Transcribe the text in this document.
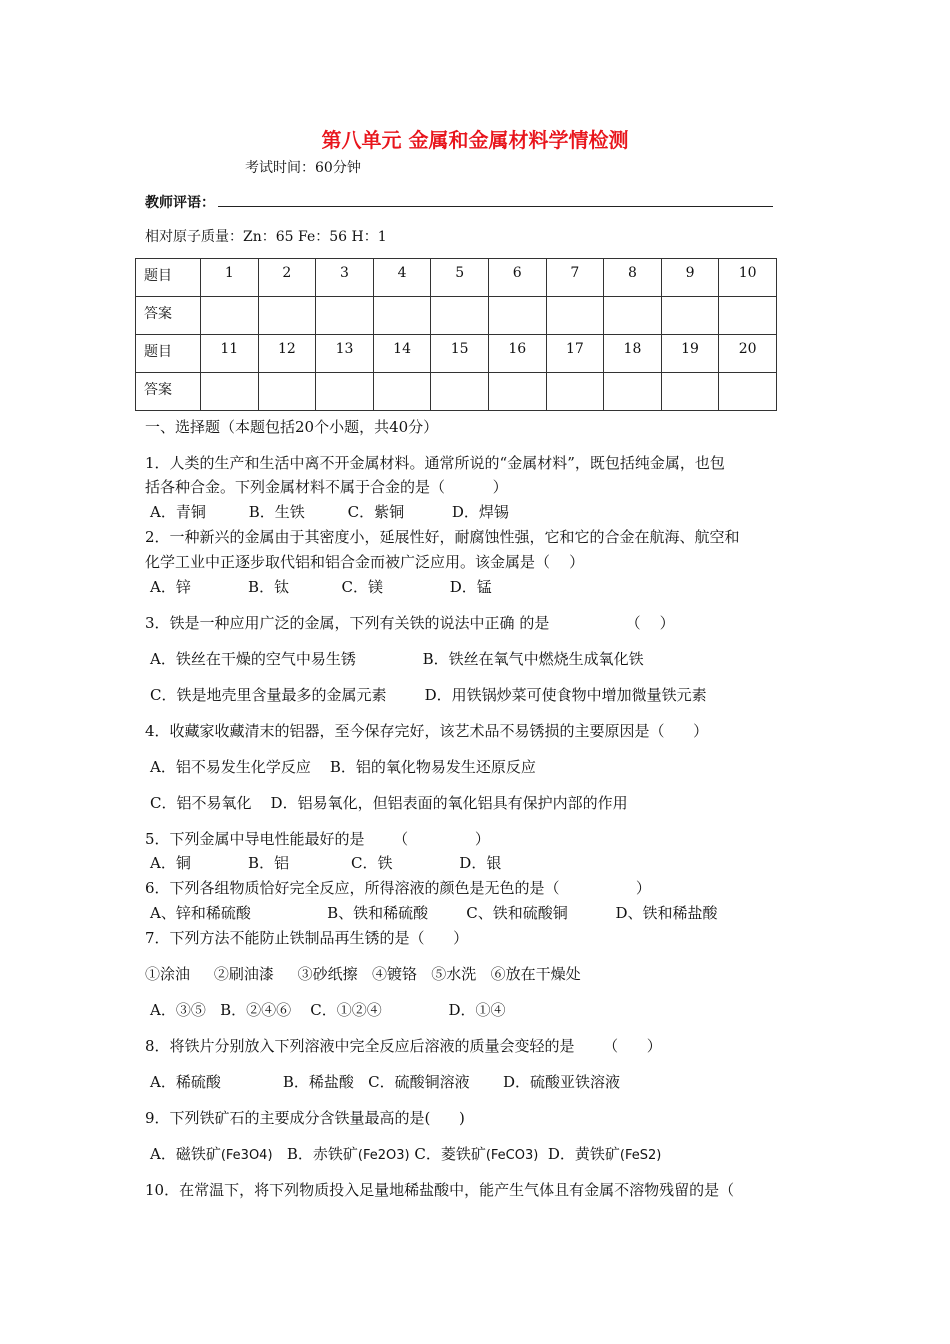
第八单元 金属和金属材料学情检测
考试时间：60分钟
教师评语：
相对原子质量：Zn：65 Fe：56 H：1
题目	1	2	3	4	5	6	7	8	9	10

答案										

题目	11	12	13	14	15	16	17	18	19	20

答案										

一、选择题（本题包括20个小题，共40分）
1．人类的生产和生活中离不开金属材料。通常所说的“金属材料”，既包括纯金属，也包
括各种合金。下列金属材料不属于合金的是（          ）
A．青铜         B．生铁         C．紫铜          D．焊锡
2．一种新兴的金属由于其密度小，延展性好，耐腐蚀性强，它和它的合金在航海、航空和
化学工业中正逐步取代铝和铝合金而被广泛应用。该金属是（    ）
A．锌            B．钛           C．镁              D．锰
3．铁是一种应用广泛的金属，下列有关铁的说法中正确 的是                （    ）
A．铁丝在干燥的空气中易生锈              B．铁丝在氧气中燃烧生成氧化铁
C．铁是地壳里含量最多的金属元素        D．用铁锅炒菜可使食物中增加微量铁元素
4．收藏家收藏清末的铝器，至今保存完好，该艺术品不易锈损的主要原因是（      ）
A．铝不易发生化学反应    B．铝的氧化物易发生还原反应
C．铝不易氧化    D．铝易氧化，但铝表面的氧化铝具有保护内部的作用
5．下列金属中导电性能最好的是      （              ）
A．铜            B．铝             C．铁              D．银
6．下列各组物质恰好完全反应，所得溶液的颜色是无色的是（                ）
A、锌和稀硫酸                B、铁和稀硫酸        C、铁和硫酸铜          D、铁和稀盐酸
7．下列方法不能防止铁制品再生锈的是（      ）
①涂油     ②刷油漆     ③砂纸擦   ④镀铬   ⑤水洗   ⑥放在干燥处
A．③⑤   B．②④⑥    C．①②④              D．①④
8．将铁片分别放入下列溶液中完全反应后溶液的质量会变轻的是      （      ）
A．稀硫酸             B．稀盐酸   C．硫酸铜溶液       D．硫酸亚铁溶液
9．下列铁矿石的主要成分含铁量最高的是(      )
A．磁铁矿(Fe3O4) B．赤铁矿(Fe2O3) C．菱铁矿(FeCO3) D．黄铁矿(FeS2)
10．在常温下，将下列物质投入足量地稀盐酸中，能产生气体且有金属不溶物残留的是（
